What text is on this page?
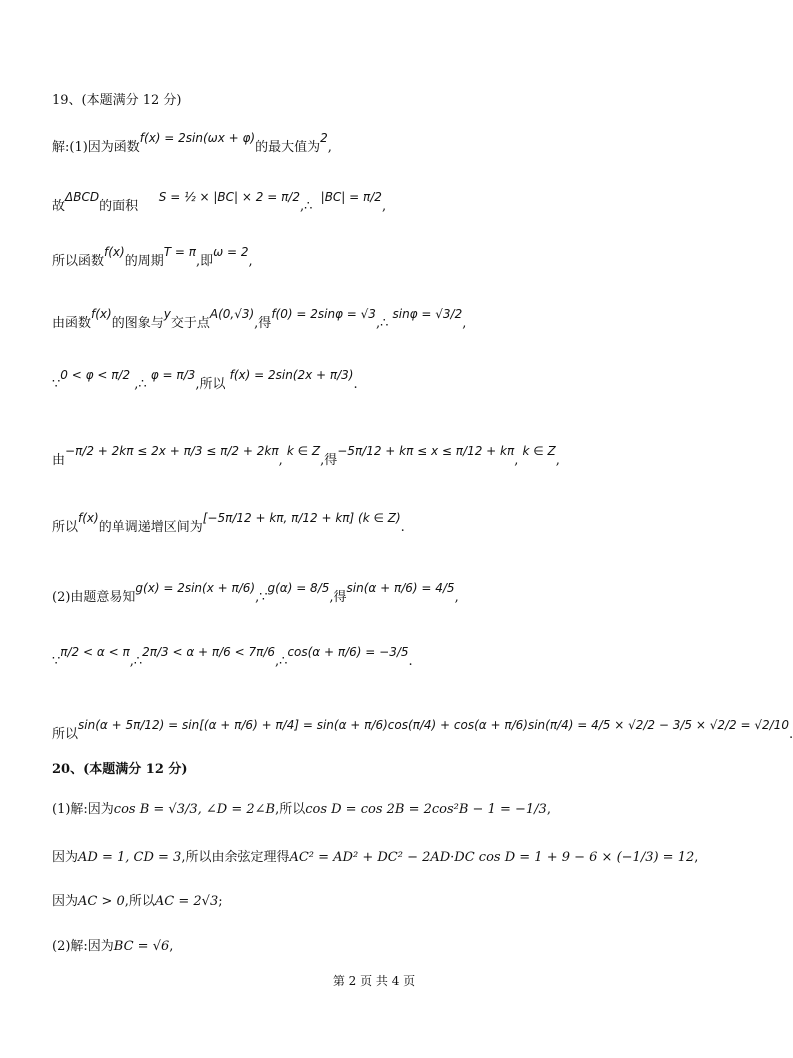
19、(本题满分 12 分)
解:(1)因为函数f(x) = 2sin(ωx + φ)的最大值为2,
故ΔBCD的面积     S = ½ × |BC| × 2 = π/2,∴  |BC| = π/2,
所以函数f(x)的周期T = π,即ω = 2,
由函数f(x)的图象与y交于点A(0,√3),得f(0) = 2sinφ = √3,∴ sinφ = √3/2,
∵0 < φ < π/2 ,∴ φ = π/3,所以 f(x) = 2sin(2x + π/3).
由−π/2 + 2kπ ≤ 2x + π/3 ≤ π/2 + 2kπ, k ∈ Z,得−5π/12 + kπ ≤ x ≤ π/12 + kπ, k ∈ Z,
所以f(x)的单调递增区间为[−5π/12 + kπ, π/12 + kπ] (k ∈ Z).
(2)由题意易知g(x) = 2sin(x + π/6),∵g(α) = 8/5,得sin(α + π/6) = 4/5,
∵π/2 < α < π,∴2π/3 < α + π/6 < 7π/6,∴cos(α + π/6) = −3/5.
所以sin(α + 5π/12) = sin[(α + π/6) + π/4] = sin(α + π/6)cos(π/4) + cos(α + π/6)sin(π/4) = 4/5 × √2/2 − 3/5 × √2/2 = √2/10.
20、(本题满分 12 分)
(1)解:因为cos B = √3/3, ∠D = 2∠B,所以cos D = cos 2B = 2cos²B − 1 = −1/3,
因为AD = 1, CD = 3,所以由余弦定理得AC² = AD² + DC² − 2AD·DC cos D = 1 + 9 − 6 × (−1/3) = 12,
因为AC > 0,所以AC = 2√3;
(2)解:因为BC = √6,
第 2 页 共 4 页
